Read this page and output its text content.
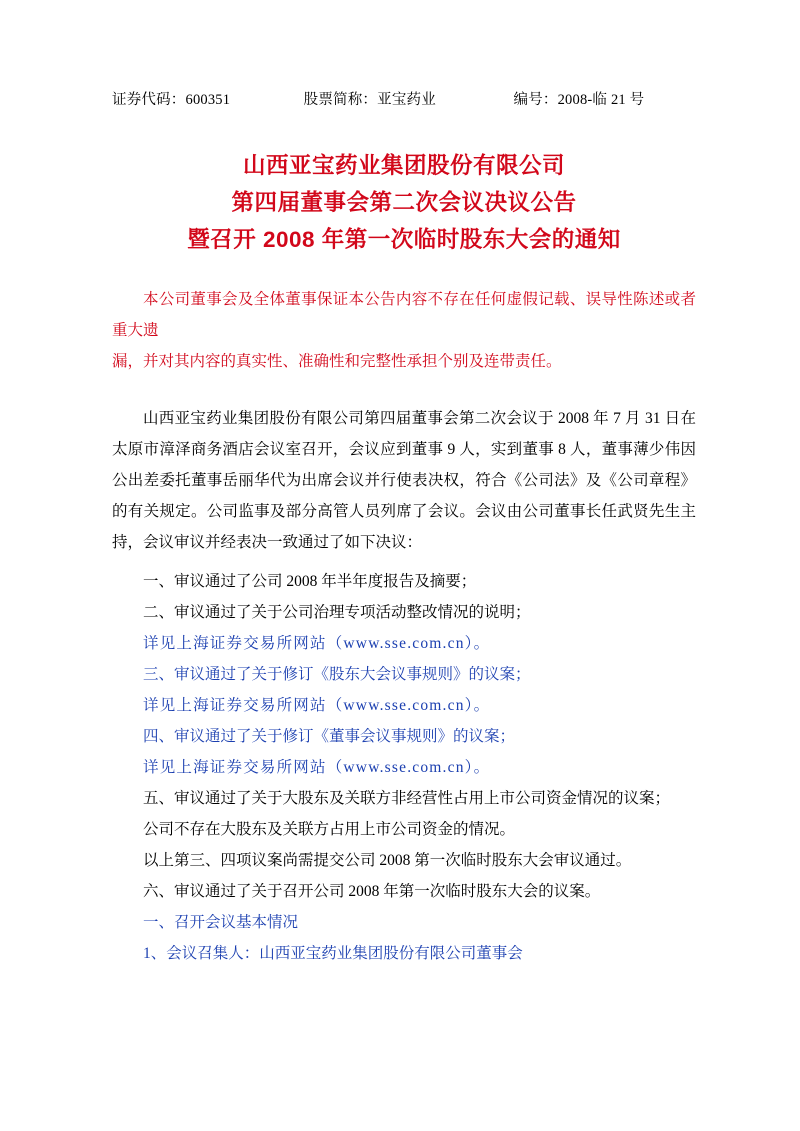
证券代码：600351	股票简称：亚宝药业	编号：2008-临 21 号
山西亚宝药业集团股份有限公司
第四届董事会第二次会议决议公告
暨召开 2008 年第一次临时股东大会的通知
本公司董事会及全体董事保证本公告内容不存在任何虚假记载、误导性陈述或者重大遗
漏，并对其内容的真实性、准确性和完整性承担个别及连带责任。
山西亚宝药业集团股份有限公司第四届董事会第二次会议于 2008 年 7 月 31 日在太原市漳泽商务酒店会议室召开，会议应到董事 9 人，实到董事 8 人，董事薄少伟因公出差委托董事岳丽华代为出席会议并行使表决权，符合《公司法》及《公司章程》的有关规定。公司监事及部分高管人员列席了会议。会议由公司董事长任武贤先生主持，会议审议并经表决一致通过了如下决议：
一、审议通过了公司 2008 年半年度报告及摘要；
二、审议通过了关于公司治理专项活动整改情况的说明；
详见上海证券交易所网站（www.sse.com.cn）。
三、审议通过了关于修订《股东大会议事规则》的议案；
详见上海证券交易所网站（www.sse.com.cn）。
四、审议通过了关于修订《董事会议事规则》的议案；
详见上海证券交易所网站（www.sse.com.cn）。
五、审议通过了关于大股东及关联方非经营性占用上市公司资金情况的议案；
公司不存在大股东及关联方占用上市公司资金的情况。
以上第三、四项议案尚需提交公司 2008 第一次临时股东大会审议通过。
六、审议通过了关于召开公司 2008 年第一次临时股东大会的议案。
一、召开会议基本情况
1、会议召集人：山西亚宝药业集团股份有限公司董事会
